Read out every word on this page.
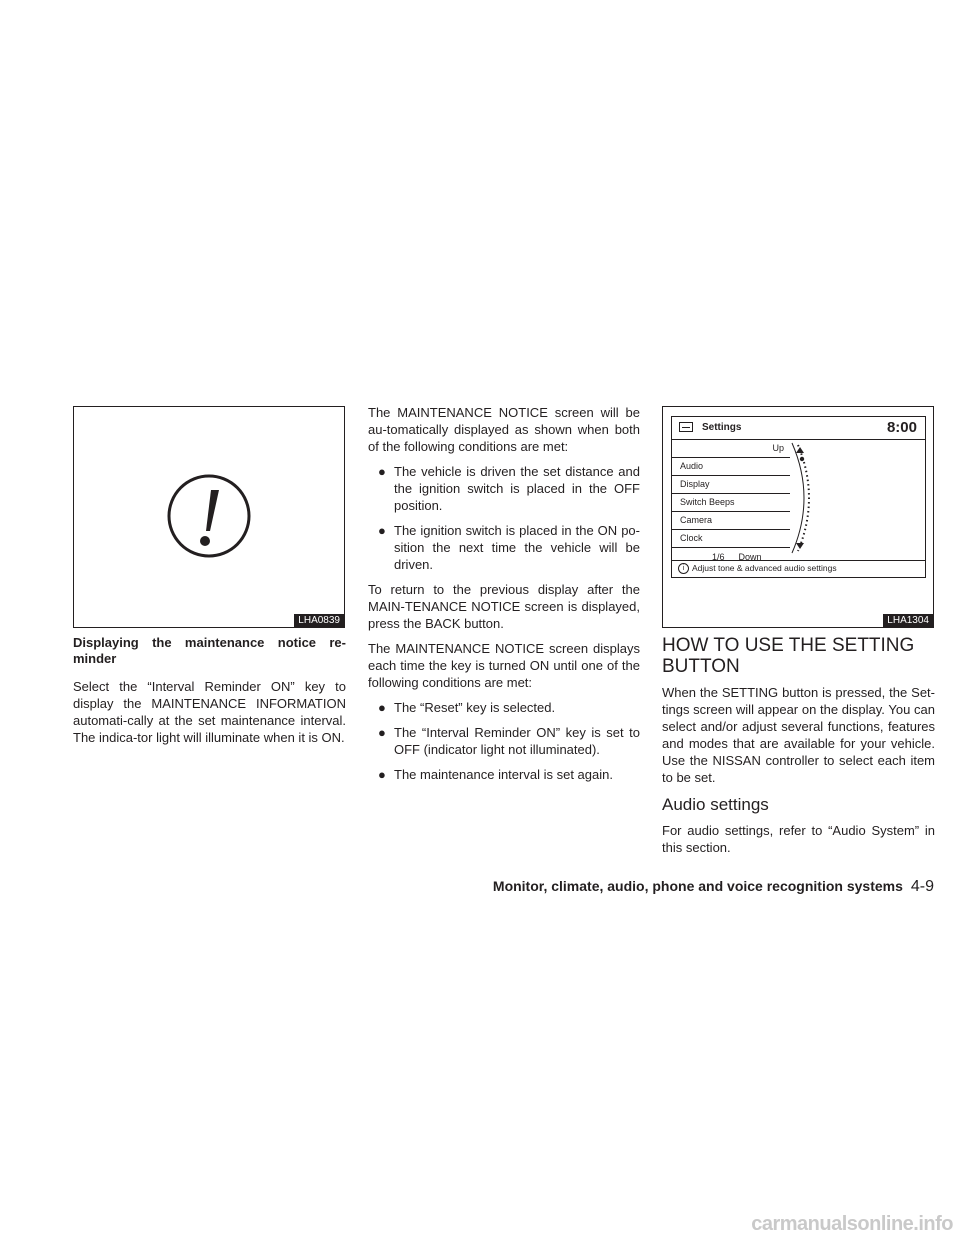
LHA0839
Displaying the maintenance notice re-
minder

Select the “Interval Reminder ON” key to display the MAINTENANCE INFORMATION automati-cally at the set maintenance interval. The indica-tor light will illuminate when it is ON.

The MAINTENANCE NOTICE screen will be au-tomatically displayed as shown when both of the following conditions are met:

● The vehicle is driven the set distance and the ignition switch is placed in the OFF position.
● The ignition switch is placed in the ON po-sition the next time the vehicle will be driven.

To return to the previous display after the MAIN-TENANCE NOTICE screen is displayed, press the BACK button.

The MAINTENANCE NOTICE screen displays each time the key is turned ON until one of the following conditions are met:

● The “Reset” key is selected.
● The “Interval Reminder ON” key is set to OFF (indicator light not illuminated).
● The maintenance interval is set again.
Settings	8:00
Up
Audio
Display
Switch Beeps
Camera
Clock
1/6 Down
i Adjust tone & advanced audio settings
LHA1304
HOW TO USE THE SETTING BUTTON

When the SETTING button is pressed, the Set-tings screen will appear on the display. You can select and/or adjust several functions, features and modes that are available for your vehicle. Use the NISSAN controller to select each item to be set.

Audio settings

For audio settings, refer to “Audio System” in this section.

Monitor, climate, audio, phone and voice recognition systems 4-9
carmanualsonline.info
